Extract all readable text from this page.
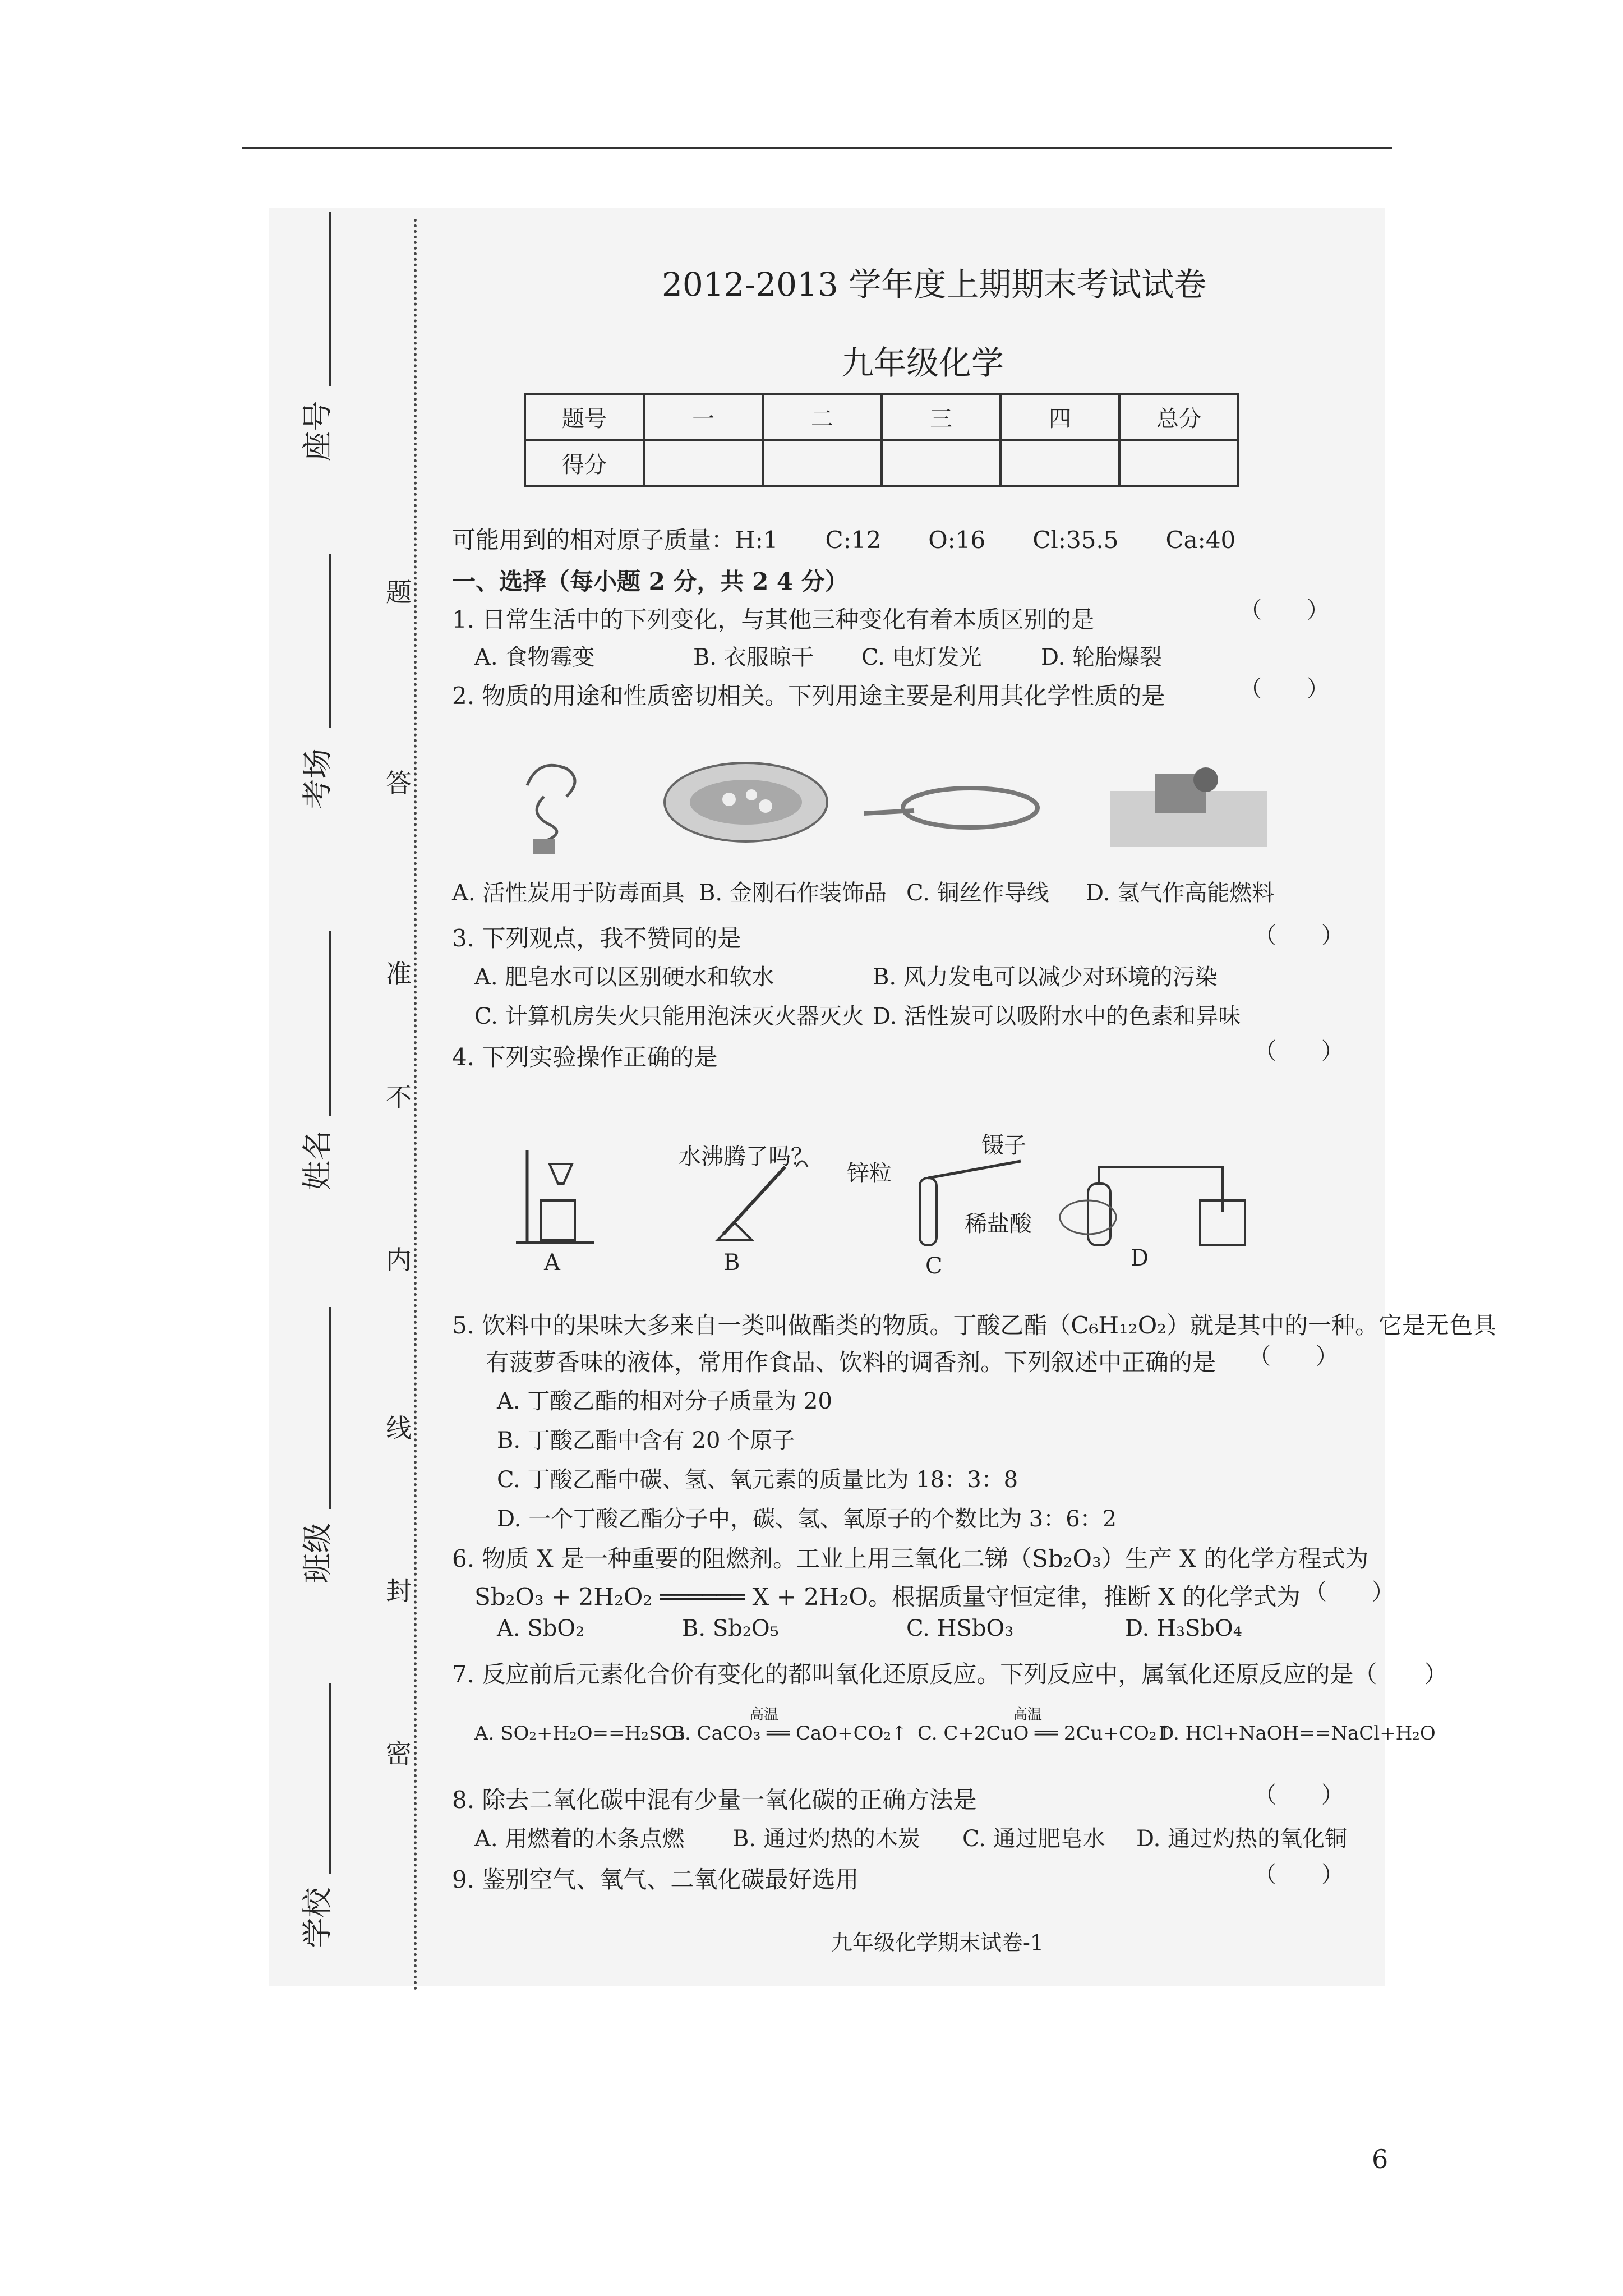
座号
考场
姓名
班级
学校
题
答
准
不
内
线
封
密
2012-2013 学年度上期期末考试试卷
九年级化学
题号	一	二	三	四	总分
得分					
可能用到的相对原子质量：H:1　　C:12　　O:16　　Cl:35.5　　Ca:40
一、选择（每小题 2 分，共 2 4 分）
1. 日常生活中的下列变化，与其他三种变化有着本质区别的是	（　　）
A. 食物霉变	B. 衣服晾干 C. 电灯发光	D. 轮胎爆裂
2. 物质的用途和性质密切相关。下列用途主要是利用其化学性质的是	（　　）
A. 活性炭用于防毒面具 B. 金刚石作装饰品 C. 铜丝作导线 D. 氢气作高能燃料
3. 下列观点，我不赞同的是	（　　）
A. 肥皂水可以区别硬水和软水	B. 风力发电可以减少对环境的污染
C. 计算机房失火只能用泡沫灭火器灭火 D. 活性炭可以吸附水中的色素和异味
4. 下列实验操作正确的是	（　　）
A
水沸腾了吗？
B
锌粒
镊子
稀盐酸
C	D
5. 饮料中的果味大多来自一类叫做酯类的物质。丁酸乙酯（C₆H₁₂O₂）就是其中的一种。它是无色具
有菠萝香味的液体，常用作食品、饮料的调香剂。下列叙述中正确的是 （　　）
A. 丁酸乙酯的相对分子质量为 20
B. 丁酸乙酯中含有 20 个原子
C. 丁酸乙酯中碳、氢、氧元素的质量比为 18：3：8
D. 一个丁酸乙酯分子中，碳、氢、氧原子的个数比为 3：6：2
6. 物质 X 是一种重要的阻燃剂。工业上用三氧化二锑（Sb₂O₃）生产 X 的化学方程式为
Sb₂O₃ + 2H₂O₂ ══════ X + 2H₂O。根据质量守恒定律，推断 X 的化学式为 （　　）
A. SbO₂	B. Sb₂O₅	C. HSbO₃	D. H₃SbO₄
7. 反应前后元素化合价有变化的都叫氧化还原反应。下列反应中，属氧化还原反应的是（　　）
高温	高温
A. SO₂+H₂O==H₂SO₃
B. CaCO₃ ══ CaO+CO₂↑ C. C+2CuO ══ 2Cu+CO₂↑
D. HCl+NaOH==NaCl+H₂O
8. 除去二氧化碳中混有少量一氧化碳的正确方法是	（　　）
A. 用燃着的木条点燃 B. 通过灼热的木炭 C. 通过肥皂水 D. 通过灼热的氧化铜
9. 鉴别空气、氧气、二氧化碳最好选用	（　　）
九年级化学期末试卷-1
6
